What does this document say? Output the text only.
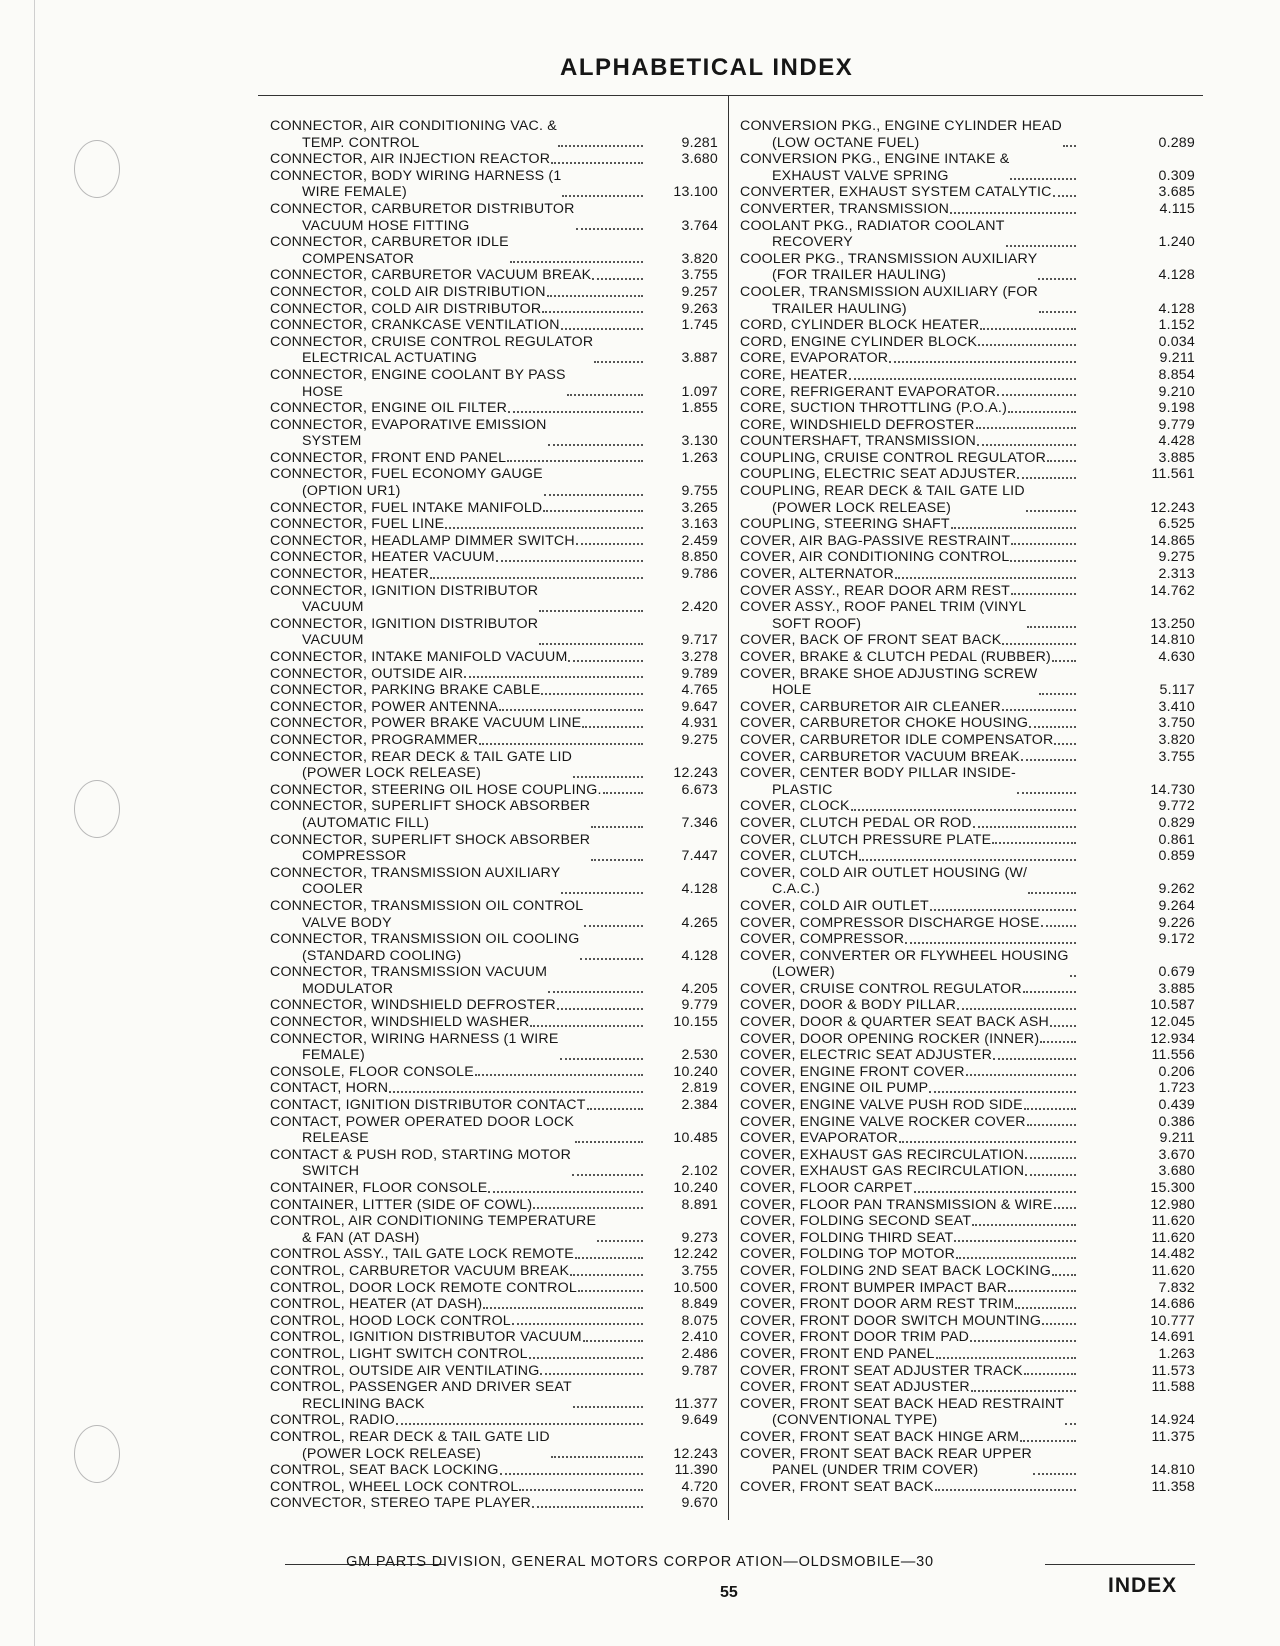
ALPHABETICAL INDEX
CONNECTOR, AIR CONDITIONING VAC. &
TEMP. CONTROL	9.281
CONNECTOR, AIR INJECTION REACTOR	3.680
CONNECTOR, BODY WIRING HARNESS (1
WIRE FEMALE)	13.100
CONNECTOR, CARBURETOR DISTRIBUTOR
VACUUM HOSE FITTING	3.764
CONNECTOR, CARBURETOR IDLE
COMPENSATOR	3.820
CONNECTOR, CARBURETOR VACUUM BREAK	3.755
CONNECTOR, COLD AIR DISTRIBUTION	9.257
CONNECTOR, COLD AIR DISTRIBUTOR	9.263
CONNECTOR, CRANKCASE VENTILATION	1.745
CONNECTOR, CRUISE CONTROL REGULATOR
ELECTRICAL ACTUATING	3.887
CONNECTOR, ENGINE COOLANT BY PASS
HOSE	1.097
CONNECTOR, ENGINE OIL FILTER	1.855
CONNECTOR, EVAPORATIVE EMISSION
SYSTEM	3.130
CONNECTOR, FRONT END PANEL	1.263
CONNECTOR, FUEL ECONOMY GAUGE
(OPTION UR1)	9.755
CONNECTOR, FUEL INTAKE MANIFOLD	3.265
CONNECTOR, FUEL LINE	3.163
CONNECTOR, HEADLAMP DIMMER SWITCH	2.459
CONNECTOR, HEATER VACUUM	8.850
CONNECTOR, HEATER	9.786
CONNECTOR, IGNITION DISTRIBUTOR
VACUUM	2.420
CONNECTOR, IGNITION DISTRIBUTOR
VACUUM	9.717
CONNECTOR, INTAKE MANIFOLD VACUUM	3.278
CONNECTOR, OUTSIDE AIR	9.789
CONNECTOR, PARKING BRAKE CABLE	4.765
CONNECTOR, POWER ANTENNA	9.647
CONNECTOR, POWER BRAKE VACUUM LINE	4.931
CONNECTOR, PROGRAMMER	9.275
CONNECTOR, REAR DECK & TAIL GATE LID
(POWER LOCK RELEASE)	12.243
CONNECTOR, STEERING OIL HOSE COUPLING.	6.673
CONNECTOR, SUPERLIFT SHOCK ABSORBER
(AUTOMATIC FILL)	7.346
CONNECTOR, SUPERLIFT SHOCK ABSORBER
COMPRESSOR	7.447
CONNECTOR, TRANSMISSION AUXILIARY
COOLER	4.128
CONNECTOR, TRANSMISSION OIL CONTROL
VALVE BODY	4.265
CONNECTOR, TRANSMISSION OIL COOLING
(STANDARD COOLING)	4.128
CONNECTOR, TRANSMISSION VACUUM
MODULATOR	4.205
CONNECTOR, WINDSHIELD DEFROSTER	9.779
CONNECTOR, WINDSHIELD WASHER	10.155
CONNECTOR, WIRING HARNESS (1 WIRE
FEMALE)	2.530
CONSOLE, FLOOR CONSOLE	10.240
CONTACT, HORN	2.819
CONTACT, IGNITION DISTRIBUTOR CONTACT	2.384
CONTACT, POWER OPERATED DOOR LOCK
RELEASE	10.485
CONTACT & PUSH ROD, STARTING MOTOR
SWITCH	2.102
CONTAINER, FLOOR CONSOLE	10.240
CONTAINER, LITTER (SIDE OF COWL)	8.891
CONTROL, AIR CONDITIONING TEMPERATURE
& FAN (AT DASH)	9.273
CONTROL ASSY., TAIL GATE LOCK REMOTE	12.242
CONTROL, CARBURETOR VACUUM BREAK	3.755
CONTROL, DOOR LOCK REMOTE CONTROL	10.500
CONTROL, HEATER (AT DASH)	8.849
CONTROL, HOOD LOCK CONTROL	8.075
CONTROL, IGNITION DISTRIBUTOR VACUUM	2.410
CONTROL, LIGHT SWITCH CONTROL	2.486
CONTROL, OUTSIDE AIR VENTILATING	9.787
CONTROL, PASSENGER AND DRIVER SEAT
RECLINING BACK	11.377
CONTROL, RADIO	9.649
CONTROL, REAR DECK & TAIL GATE LID
(POWER LOCK RELEASE)	12.243
CONTROL, SEAT BACK LOCKING	11.390
CONTROL, WHEEL LOCK CONTROL	4.720
CONVECTOR, STEREO TAPE PLAYER	9.670
CONVERSION PKG., ENGINE CYLINDER HEAD
(LOW OCTANE FUEL)	0.289
CONVERSION PKG., ENGINE INTAKE &
EXHAUST VALVE SPRING	0.309
CONVERTER, EXHAUST SYSTEM CATALYTIC	3.685
CONVERTER, TRANSMISSION	4.115
COOLANT PKG., RADIATOR COOLANT
RECOVERY	1.240
COOLER PKG., TRANSMISSION AUXILIARY
(FOR TRAILER HAULING)	4.128
COOLER, TRANSMISSION AUXILIARY (FOR
TRAILER HAULING)	4.128
CORD, CYLINDER BLOCK HEATER	1.152
CORD, ENGINE CYLINDER BLOCK	0.034
CORE, EVAPORATOR	9.211
CORE, HEATER	8.854
CORE, REFRIGERANT EVAPORATOR	9.210
CORE, SUCTION THROTTLING (P.O.A.)	9.198
CORE, WINDSHIELD DEFROSTER	9.779
COUNTERSHAFT, TRANSMISSION	4.428
COUPLING, CRUISE CONTROL REGULATOR	3.885
COUPLING, ELECTRIC SEAT ADJUSTER	11.561
COUPLING, REAR DECK & TAIL GATE LID
(POWER LOCK RELEASE)	12.243
COUPLING, STEERING SHAFT	6.525
COVER, AIR BAG-PASSIVE RESTRAINT	14.865
COVER, AIR CONDITIONING CONTROL	9.275
COVER, ALTERNATOR	2.313
COVER ASSY., REAR DOOR ARM REST	14.762
COVER ASSY., ROOF PANEL TRIM (VINYL
SOFT ROOF)	13.250
COVER, BACK OF FRONT SEAT BACK	14.810
COVER, BRAKE & CLUTCH PEDAL (RUBBER)	4.630
COVER, BRAKE SHOE ADJUSTING SCREW
HOLE	5.117
COVER, CARBURETOR AIR CLEANER	3.410
COVER, CARBURETOR CHOKE HOUSING	3.750
COVER, CARBURETOR IDLE COMPENSATOR	3.820
COVER, CARBURETOR VACUUM BREAK	3.755
COVER, CENTER BODY PILLAR INSIDE-
PLASTIC	14.730
COVER, CLOCK	9.772
COVER, CLUTCH PEDAL OR ROD	0.829
COVER, CLUTCH PRESSURE PLATE	0.861
COVER, CLUTCH	0.859
COVER, COLD AIR OUTLET HOUSING (W/
C.A.C.)	9.262
COVER, COLD AIR OUTLET	9.264
COVER, COMPRESSOR DISCHARGE HOSE	9.226
COVER, COMPRESSOR	9.172
COVER, CONVERTER OR FLYWHEEL HOUSING
(LOWER)	0.679
COVER, CRUISE CONTROL REGULATOR	3.885
COVER, DOOR & BODY PILLAR	10.587
COVER, DOOR & QUARTER SEAT BACK ASH	12.045
COVER, DOOR OPENING ROCKER (INNER)	12.934
COVER, ELECTRIC SEAT ADJUSTER	11.556
COVER, ENGINE FRONT COVER	0.206
COVER, ENGINE OIL PUMP	1.723
COVER, ENGINE VALVE PUSH ROD SIDE	0.439
COVER, ENGINE VALVE ROCKER COVER	0.386
COVER, EVAPORATOR	9.211
COVER, EXHAUST GAS RECIRCULATION	3.670
COVER, EXHAUST GAS RECIRCULATION	3.680
COVER, FLOOR CARPET	15.300
COVER, FLOOR PAN TRANSMISSION & WIRE	12.980
COVER, FOLDING SECOND SEAT	11.620
COVER, FOLDING THIRD SEAT	11.620
COVER, FOLDING TOP MOTOR	14.482
COVER, FOLDING 2ND SEAT BACK LOCKING	11.620
COVER, FRONT BUMPER IMPACT BAR	7.832
COVER, FRONT DOOR ARM REST TRIM	14.686
COVER, FRONT DOOR SWITCH MOUNTING	10.777
COVER, FRONT DOOR TRIM PAD	14.691
COVER, FRONT END PANEL	1.263
COVER, FRONT SEAT ADJUSTER TRACK	11.573
COVER, FRONT SEAT ADJUSTER	11.588
COVER, FRONT SEAT BACK HEAD RESTRAINT
(CONVENTIONAL TYPE)	14.924
COVER, FRONT SEAT BACK HINGE ARM	11.375
COVER, FRONT SEAT BACK REAR UPPER
PANEL (UNDER TRIM COVER)	14.810
COVER, FRONT SEAT BACK	11.358
GM PARTS DIVISION, GENERAL MOTORS CORPOR ATION—OLDSMOBILE—30
55	INDEX
